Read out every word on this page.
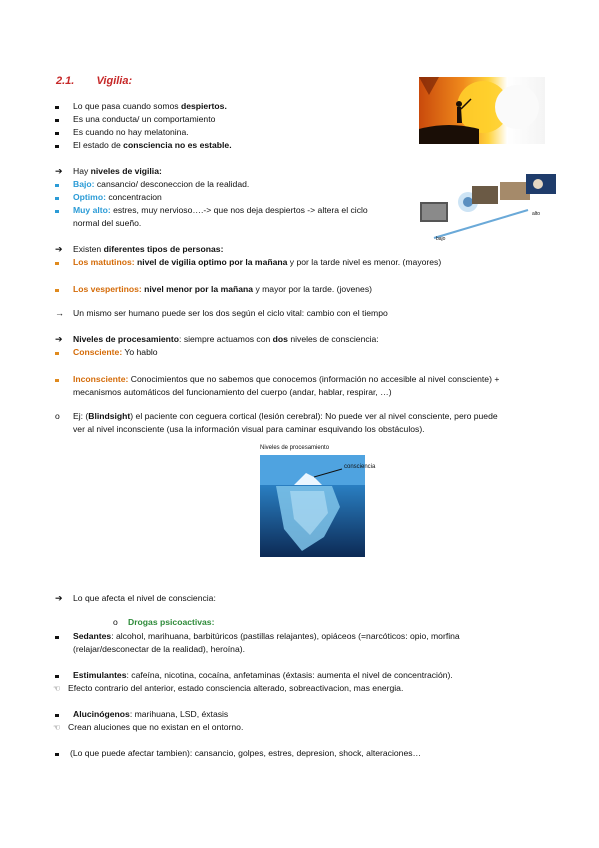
2.1. Vigilia:
Lo que pasa cuando somos despiertos.
Es una conducta/ un comportamiento
Es cuando no hay melatonina.
El estado de consciencia no es estable.
➔ Hay niveles de vigilia:
Bajo: cansancio/ desconeccion de la realidad.
Optimo: concentracion
Muy alto: estres, muy nervioso….-> que nos deja despiertos -> altera el ciclo
normal del sueño.
alto
bajo
➔ Existen diferentes tipos de personas:
Los matutinos: nivel de vigilia optimo por la mañana y por la tarde nivel es menor. (mayores)
Los vespertinos: nivel menor por la mañana y mayor por la tarde. (jovenes)
→ Un mismo ser humano puede ser los dos según el ciclo vital: cambio con el tiempo
➔ Niveles de procesamiento: siempre actuamos con dos niveles de consciencia:
Consciente: Yo hablo
Inconsciente: Conocimientos que no sabemos que conocemos (información no accesible al nivel consciente) +
mecanismos automáticos del funcionamiento del cuerpo (andar, hablar, respirar, …)
o Ej: (Blindsight) el paciente con ceguera cortical (lesión cerebral): No puede ver al nivel consciente, pero puede
ver al nivel inconsciente (usa la información visual para caminar esquivando los obstáculos).
Niveles de procesamiento
consciencia
➔ Lo que afecta el nivel de consciencia:
o Drogas psicoactivas:
Sedantes: alcohol, marihuana, barbitúricos (pastillas relajantes), opiáceos (=narcóticos: opio, morfina
(relajar/desconectar de la realidad), heroína).
Estimulantes: cafeína, nicotina, cocaína, anfetaminas (éxtasis: aumenta el nivel de concentración).
☜ Efecto contrario del anterior, estado consciencia alterado, sobreactivacion, mas energia.
Alucinógenos: marihuana, LSD, éxtasis
☜ Crean aluciones que no existan en el ontorno.
(Lo que puede afectar tambien): cansancio, golpes, estres, depresion, shock, alteraciones…
